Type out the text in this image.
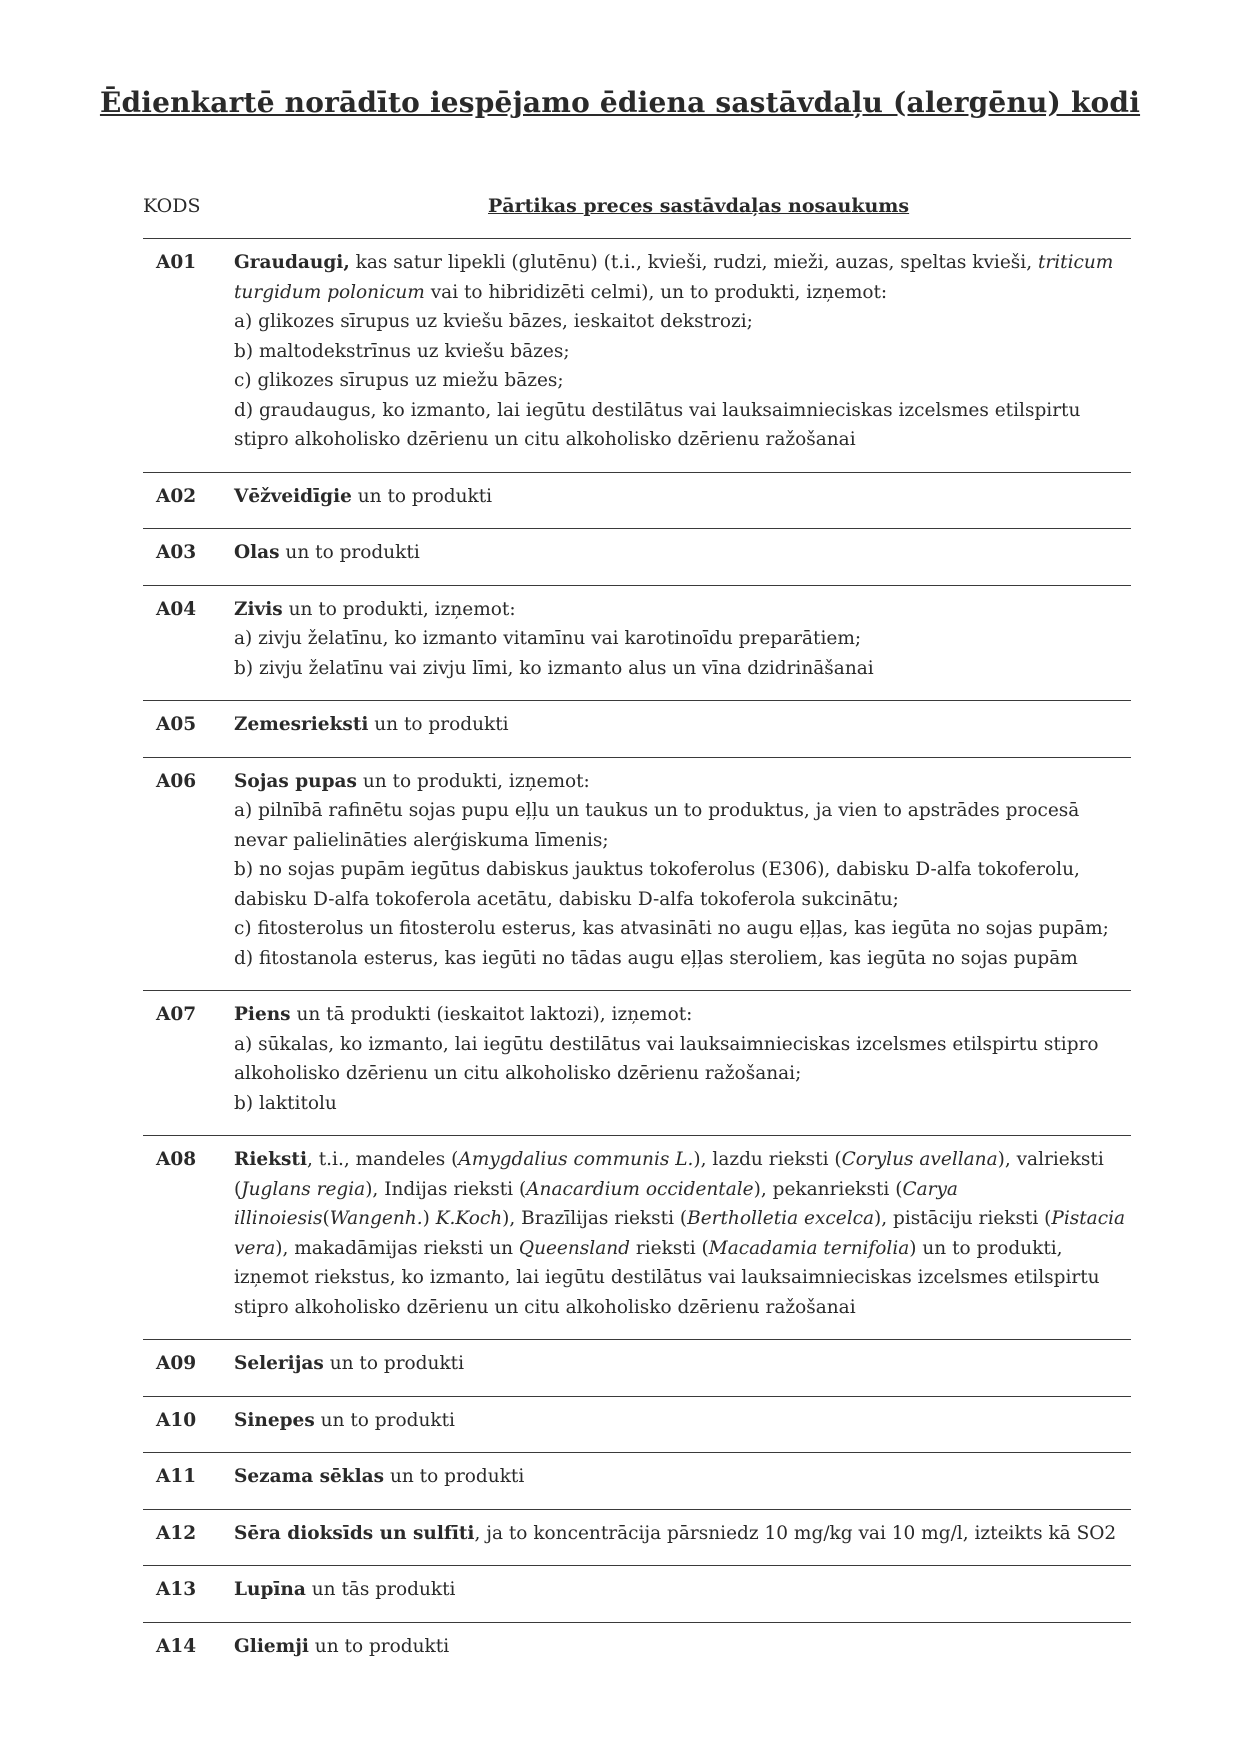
Ēdienkartē norādīto iespējamo ēdiena sastāvdaļu (alergēnu) kodi
KODS	Pārtikas preces sastāvdaļas nosaukums
A01	Graudaugi, kas satur lipekli (glutēnu) (t.i., kvieši, rudzi, mieži, auzas, speltas kvieši, triticum
turgidum polonicum vai to hibridizēti celmi), un to produkti, izņemot:
a) glikozes sīrupus uz kviešu bāzes, ieskaitot dekstrozi;
b) maltodekstrīnus uz kviešu bāzes;
c) glikozes sīrupus uz miežu bāzes;
d) graudaugus, ko izmanto, lai iegūtu destilātus vai lauksaimnieciskas izcelsmes etilspirtu
stipro alkoholisko dzērienu un citu alkoholisko dzērienu ražošanai
A02	Vēžveidīgie un to produkti
A03	Olas un to produkti
A04	Zivis un to produkti, izņemot:
a) zivju želatīnu, ko izmanto vitamīnu vai karotinoīdu preparātiem;
b) zivju želatīnu vai zivju līmi, ko izmanto alus un vīna dzidrināšanai
A05	Zemesrieksti un to produkti
A06	Sojas pupas un to produkti, izņemot:
a) pilnībā rafinētu sojas pupu eļļu un taukus un to produktus, ja vien to apstrādes procesā
nevar palielināties alerģiskuma līmenis;
b) no sojas pupām iegūtus dabiskus jauktus tokoferolus (E306), dabisku D-alfa tokoferolu,
dabisku D-alfa tokoferola acetātu, dabisku D-alfa tokoferola sukcinātu;
c) fitosterolus un fitosterolu esterus, kas atvasināti no augu eļļas, kas iegūta no sojas pupām;
d) fitostanola esterus, kas iegūti no tādas augu eļļas steroliem, kas iegūta no sojas pupām
A07	Piens un tā produkti (ieskaitot laktozi), izņemot:
a) sūkalas, ko izmanto, lai iegūtu destilātus vai lauksaimnieciskas izcelsmes etilspirtu stipro
alkoholisko dzērienu un citu alkoholisko dzērienu ražošanai;
b) laktitolu
A08	Rieksti, t.i., mandeles (Amygdalius communis L.), lazdu rieksti (Corylus avellana), valrieksti
(Juglans regia), Indijas rieksti (Anacardium occidentale), pekanrieksti (Carya
illinoiesis(Wangenh.) K.Koch), Brazīlijas rieksti (Bertholletia excelca), pistāciju rieksti (Pistacia
vera), makadāmijas rieksti un Queensland rieksti (Macadamia ternifolia) un to produkti,
izņemot riekstus, ko izmanto, lai iegūtu destilātus vai lauksaimnieciskas izcelsmes etilspirtu
stipro alkoholisko dzērienu un citu alkoholisko dzērienu ražošanai
A09	Selerijas un to produkti
A10	Sinepes un to produkti
A11	Sezama sēklas un to produkti
A12	Sēra dioksīds un sulfīti, ja to koncentrācija pārsniedz 10 mg/kg vai 10 mg/l, izteikts kā SO2
A13	Lupīna un tās produkti
A14	Gliemji un to produkti
